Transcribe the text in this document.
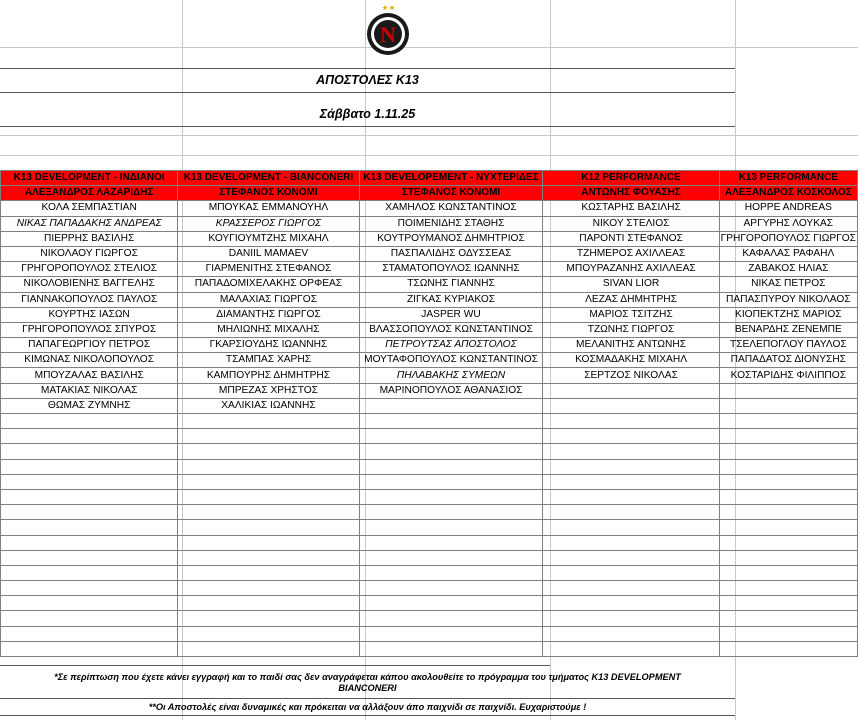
N
ΑΠΟΣΤΟΛΕΣ Κ13
Σάββατο 1.11.25
K13 DEVELOPMENT - ΙΝΔΙΑΝΟΙ	K13 DEVELOPMENT - BIANCONERI	K13 DEVELOPEMENT - ΝΥΧΤΕΡΙΔΕΣ	K12 PERFORMANCE	K13 PERFORMANCE
ΑΛΕΞΑΝΔΡΟΣ ΛΑΖΑΡΙΔΗΣ	ΣΤΕΦΑΝΟΣ ΚΟΝΟΜΙ	ΣΤΕΦΑΝΟΣ ΚΟΝΟΜΙ	ΑΝΤΩΝΗΣ ΦΟΥΑΣΗΣ	ΑΛΕΞΑΝΔΡΟΣ ΚΟΣΚΟΛΟΣ
ΚΟΛΑ ΣΕΜΠΑΣΤΙΑΝ	ΜΠΟΥΚΑΣ ΕΜΜΑΝΟΥΗΛ	ΧΑΜΗΛΟΣ ΚΩΝΣΤΑΝΤΙΝΟΣ	ΚΩΣΤΑΡΗΣ ΒΑΣΙΛΗΣ	HOPPE ANDREAS
ΝΙΚΑΣ ΠΑΠΑΔΑΚΗΣ ΑΝΔΡΕΑΣ	ΚΡΑΣΣΕΡΟΣ ΓΙΩΡΓΟΣ	ΠΟΙΜΕΝΙΔΗΣ ΣΤΑΘΗΣ	ΝΙΚΟΥ ΣΤΕΛΙΟΣ	ΑΡΓΥΡΗΣ ΛΟΥΚΑΣ
ΠΙΕΡΡΗΣ ΒΑΣΙΛΗΣ	ΚΟΥΓΙΟΥΜΤΖΗΣ ΜΙΧΑΗΛ	ΚΟΥΤΡΟΥΜΑΝΟΣ ΔΗΜΗΤΡΙΟΣ	ΠΑΡΟΝΤΙ ΣΤΕΦΑΝΟΣ	ΓΡΗΓΟΡΟΠΟΥΛΟΣ ΓΙΩΡΓΟΣ
ΝΙΚΟΛΑΟΥ ΓΙΩΡΓΟΣ	DANIIL MAMAEV	ΠΑΣΠΑΛΙΔΗΣ ΟΔΥΣΣΕΑΣ	ΤΖΗΜΕΡΟΣ ΑΧΙΛΛΕΑΣ	ΚΑΦΑΛΑΣ ΡΑΦΑΗΛ
ΓΡΗΓΟΡΟΠΟΥΛΟΣ ΣΤΕΛΙΟΣ	ΓΙΑΡΜΕΝΙΤΗΣ ΣΤΕΦΑΝΟΣ	ΣΤΑΜΑΤΟΠΟΥΛΟΣ ΙΩΑΝΝΗΣ	ΜΠΟΥΡΑΖΑΝΗΣ ΑΧΙΛΛΕΑΣ	ΖΑΒΑΚΟΣ ΗΛΙΑΣ
ΝΙΚΟΛΟΒΙΕΝΗΣ ΒΑΓΓΕΛΗΣ	ΠΑΠΑΔΟΜΙΧΕΛΑΚΗΣ ΟΡΦΕΑΣ	ΤΣΩΝΗΣ ΓΙΑΝΝΗΣ	SIVAN LIOR	ΝΙΚΑΣ ΠΕΤΡΟΣ
ΓΙΑΝΝΑΚΟΠΟΥΛΟΣ ΠΑΥΛΟΣ	ΜΑΛΑΧΙΑΣ ΓΙΩΡΓΟΣ	ΖΙΓΚΑΣ ΚΥΡΙΑΚΟΣ	ΛΕΖΑΣ ΔΗΜΗΤΡΗΣ	ΠΑΠΑΣΠΥΡΟΥ ΝΙΚΟΛΑΟΣ
ΚΟΥΡΤΗΣ ΙΑΣΩΝ	ΔΙΑΜΑΝΤΗΣ ΓΙΩΡΓΟΣ	JASPER WU	ΜΑΡΙΟΣ ΤΣΙΤΖΗΣ	ΚΙΟΠΕΚΤΖΗΣ ΜΑΡΙΟΣ
ΓΡΗΓΟΡΟΠΟΥΛΟΣ ΣΠΥΡΟΣ	ΜΗΛΙΩΝΗΣ ΜΙΧΑΛΗΣ	ΒΛΑΣΣΟΠΟΥΛΟΣ ΚΩΝΣΤΑΝΤΙΝΟΣ	ΤΖΩΝΗΣ ΓΙΩΡΓΟΣ	ΒΕΝΑΡΔΗΣ ΖΕΝΕΜΠΕ
ΠΑΠΑΓΕΩΡΓΙΟΥ ΠΕΤΡΟΣ	ΓΚΑΡΣΙΟΥΔΗΣ ΙΩΑΝΝΗΣ	ΠΕΤΡΟΥΤΣΑΣ ΑΠΟΣΤΟΛΟΣ	ΜΕΛΑΝΙΤΗΣ ΑΝΤΩΝΗΣ	ΤΣΕΛΕΠΟΓΛΟΥ ΠΑΥΛΟΣ
ΚΙΜΩΝΑΣ ΝΙΚΟΛΟΠΟΥΛΟΣ	ΤΣΑΜΠΑΣ ΧΑΡΗΣ	ΜΟΥΤΑΦΟΠΟΥΛΟΣ ΚΩΝΣΤΑΝΤΙΝΟΣ	ΚΟΣΜΑΔΑΚΗΣ ΜΙΧΑΗΛ	ΠΑΠΑΔΑΤΟΣ ΔΙΟΝΥΣΗΣ
ΜΠΟΥΖΑΛΑΣ ΒΑΣΙΛΗΣ	ΚΑΜΠΟΥΡΗΣ ΔΗΜΗΤΡΗΣ	ΠΗΛΑΒΑΚΗΣ ΣΥΜΕΩΝ	ΣΕΡΤΖΟΣ ΝΙΚΟΛΑΣ	ΚΟΣΤΑΡΙΔΗΣ ΦΙΛΙΠΠΟΣ
ΜΑΤΑΚΙΑΣ ΝΙΚΟΛΑΣ	ΜΠΡΕΖΑΣ ΧΡΗΣΤΟΣ	ΜΑΡΙΝΟΠΟΥΛΟΣ ΑΘΑΝΑΣΙΟΣ		
ΘΩΜΑΣ ΖΥΜΝΗΣ	ΧΑΛΙΚΙΑΣ ΙΩΑΝΝΗΣ			

*Σε περίπτωση που έχετε κάνει εγγραφή και το παιδί σας δεν αναγράφεται κάπου ακολουθείτε το πρόγραμμα του τμήματος K13 DEVELOPMENT
BIANCONERI
**Οι Αποστολές είναι δυναμικές και πρόκειται να αλλάξουν άπο παιχνίδι σε παιχνίδι. Ευχαριστούμε !
